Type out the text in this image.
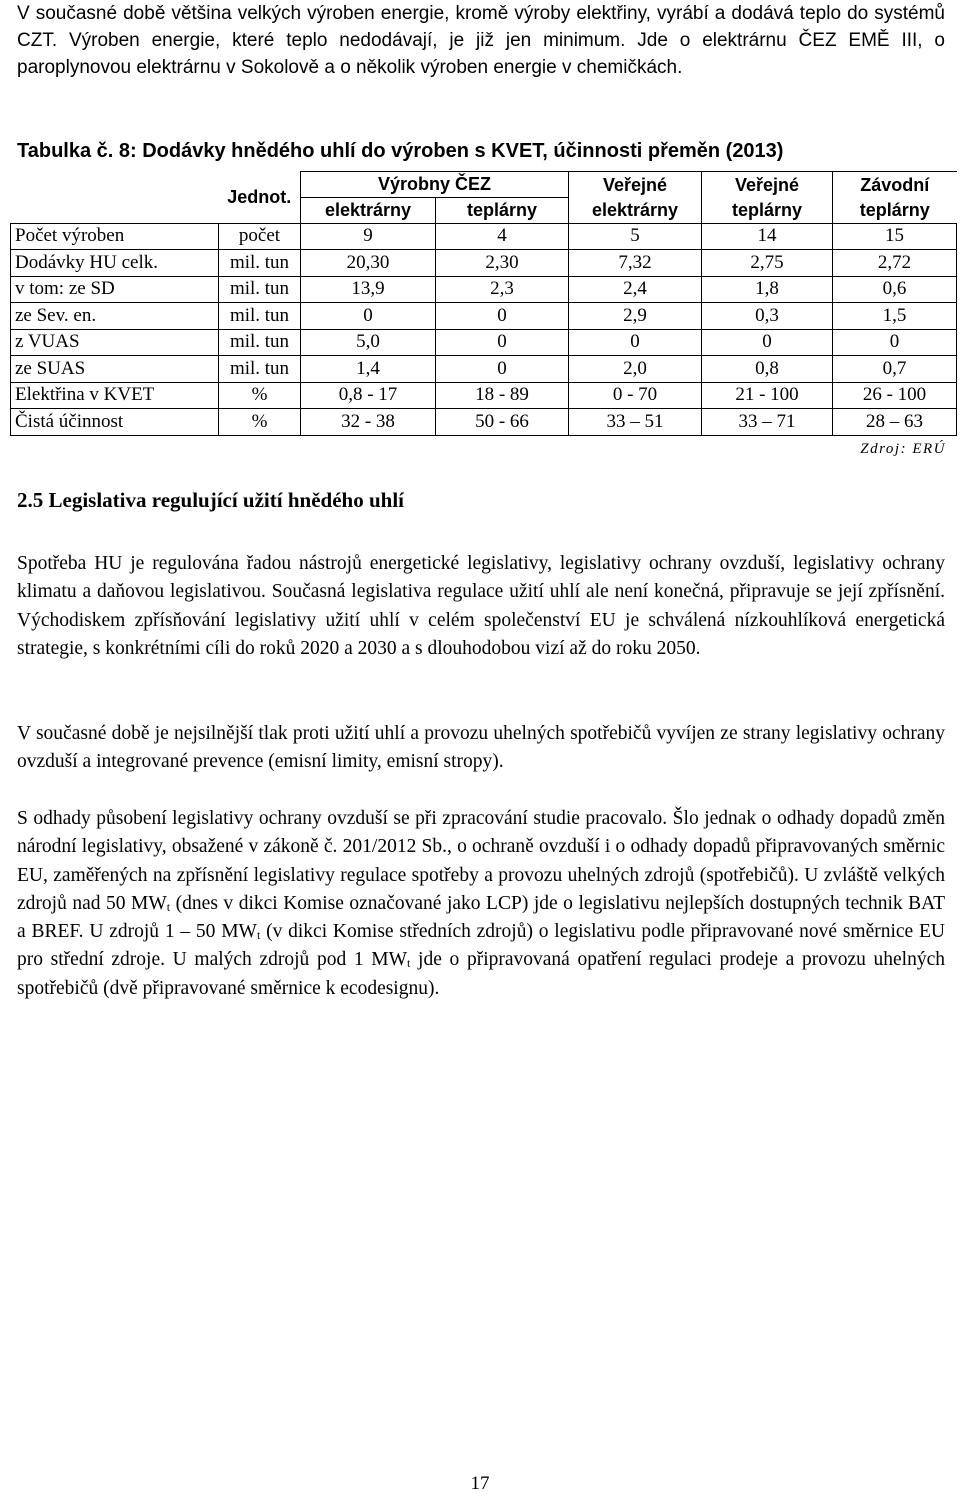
V současné době většina velkých výroben energie, kromě výroby elektřiny, vyrábí a dodává teplo do systémů CZT. Výroben energie, které teplo nedodávají, je již jen minimum. Jde o elektrárnu ČEZ EMĚ III, o paroplynovou elektrárnu v Sokolově a o několik výroben energie v chemičkách.

Tabulka č. 8: Dodávky hnědého uhlí do výroben s KVET, účinnosti přeměn (2013)
	Jednot.	Výrobny ČEZ		Veřejné	Veřejné	Závodní
		elektrárny	teplárny	elektrárny	teplárny	teplárny
Počet výroben	počet	9	4	5	14	15
Dodávky HU celk.	mil. tun	20,30	2,30	7,32	2,75	2,72
v tom: ze SD	mil. tun	13,9	2,3	2,4	1,8	0,6
ze Sev. en.	mil. tun	0	0	2,9	0,3	1,5
z VUAS	mil. tun	5,0	0	0	0	0
ze SUAS	mil. tun	1,4	0	2,0	0,8	0,7
Elektřina v KVET	%	0,8 - 17	18 - 89	0 - 70	21 - 100	26 - 100
Čistá účinnost	%	32 - 38	50 - 66	33 – 51	33 – 71	28 – 63
Zdroj: ERÚ
2.5 Legislativa regulující užití hnědého uhlí

Spotřeba HU je regulována řadou nástrojů energetické legislativy, legislativy ochrany ovzduší, legislativy ochrany klimatu a daňovou legislativou. Současná legislativa regulace užití uhlí ale není konečná, připravuje se její zpřísnění. Východiskem zpřísňování legislativy užití uhlí v celém společenství EU je schválená nízkouhlíková energetická strategie, s konkrétními cíli do roků 2020 a 2030 a s dlouhodobou vizí až do roku 2050.

V současné době je nejsilnější tlak proti užití uhlí a provozu uhelných spotřebičů vyvíjen ze strany legislativy ochrany ovzduší a integrované prevence (emisní limity, emisní stropy).

S odhady působení legislativy ochrany ovzduší se při zpracování studie pracovalo. Šlo jednak o odhady dopadů změn národní legislativy, obsažené v zákoně č. 201/2012 Sb., o ochraně ovzduší i o odhady dopadů připravovaných směrnic EU, zaměřených na zpřísnění legislativy regulace spotřeby a provozu uhelných zdrojů (spotřebičů). U zvláště velkých zdrojů nad 50 $MW_t$ (dnes v dikci Komise označované jako LCP) jde o legislativu nejlepších dostupných technik BAT a BREF. U zdrojů 1 – 50 $MW_t$ (v dikci Komise středních zdrojů) o legislativu podle připravované nové směrnice EU pro střední zdroje. U malých zdrojů pod 1 $MW_t$ jde o připravovaná opatření regulaci prodeje a provozu uhelných spotřebičů (dvě připravované směrnice k ecodesignu).

17
